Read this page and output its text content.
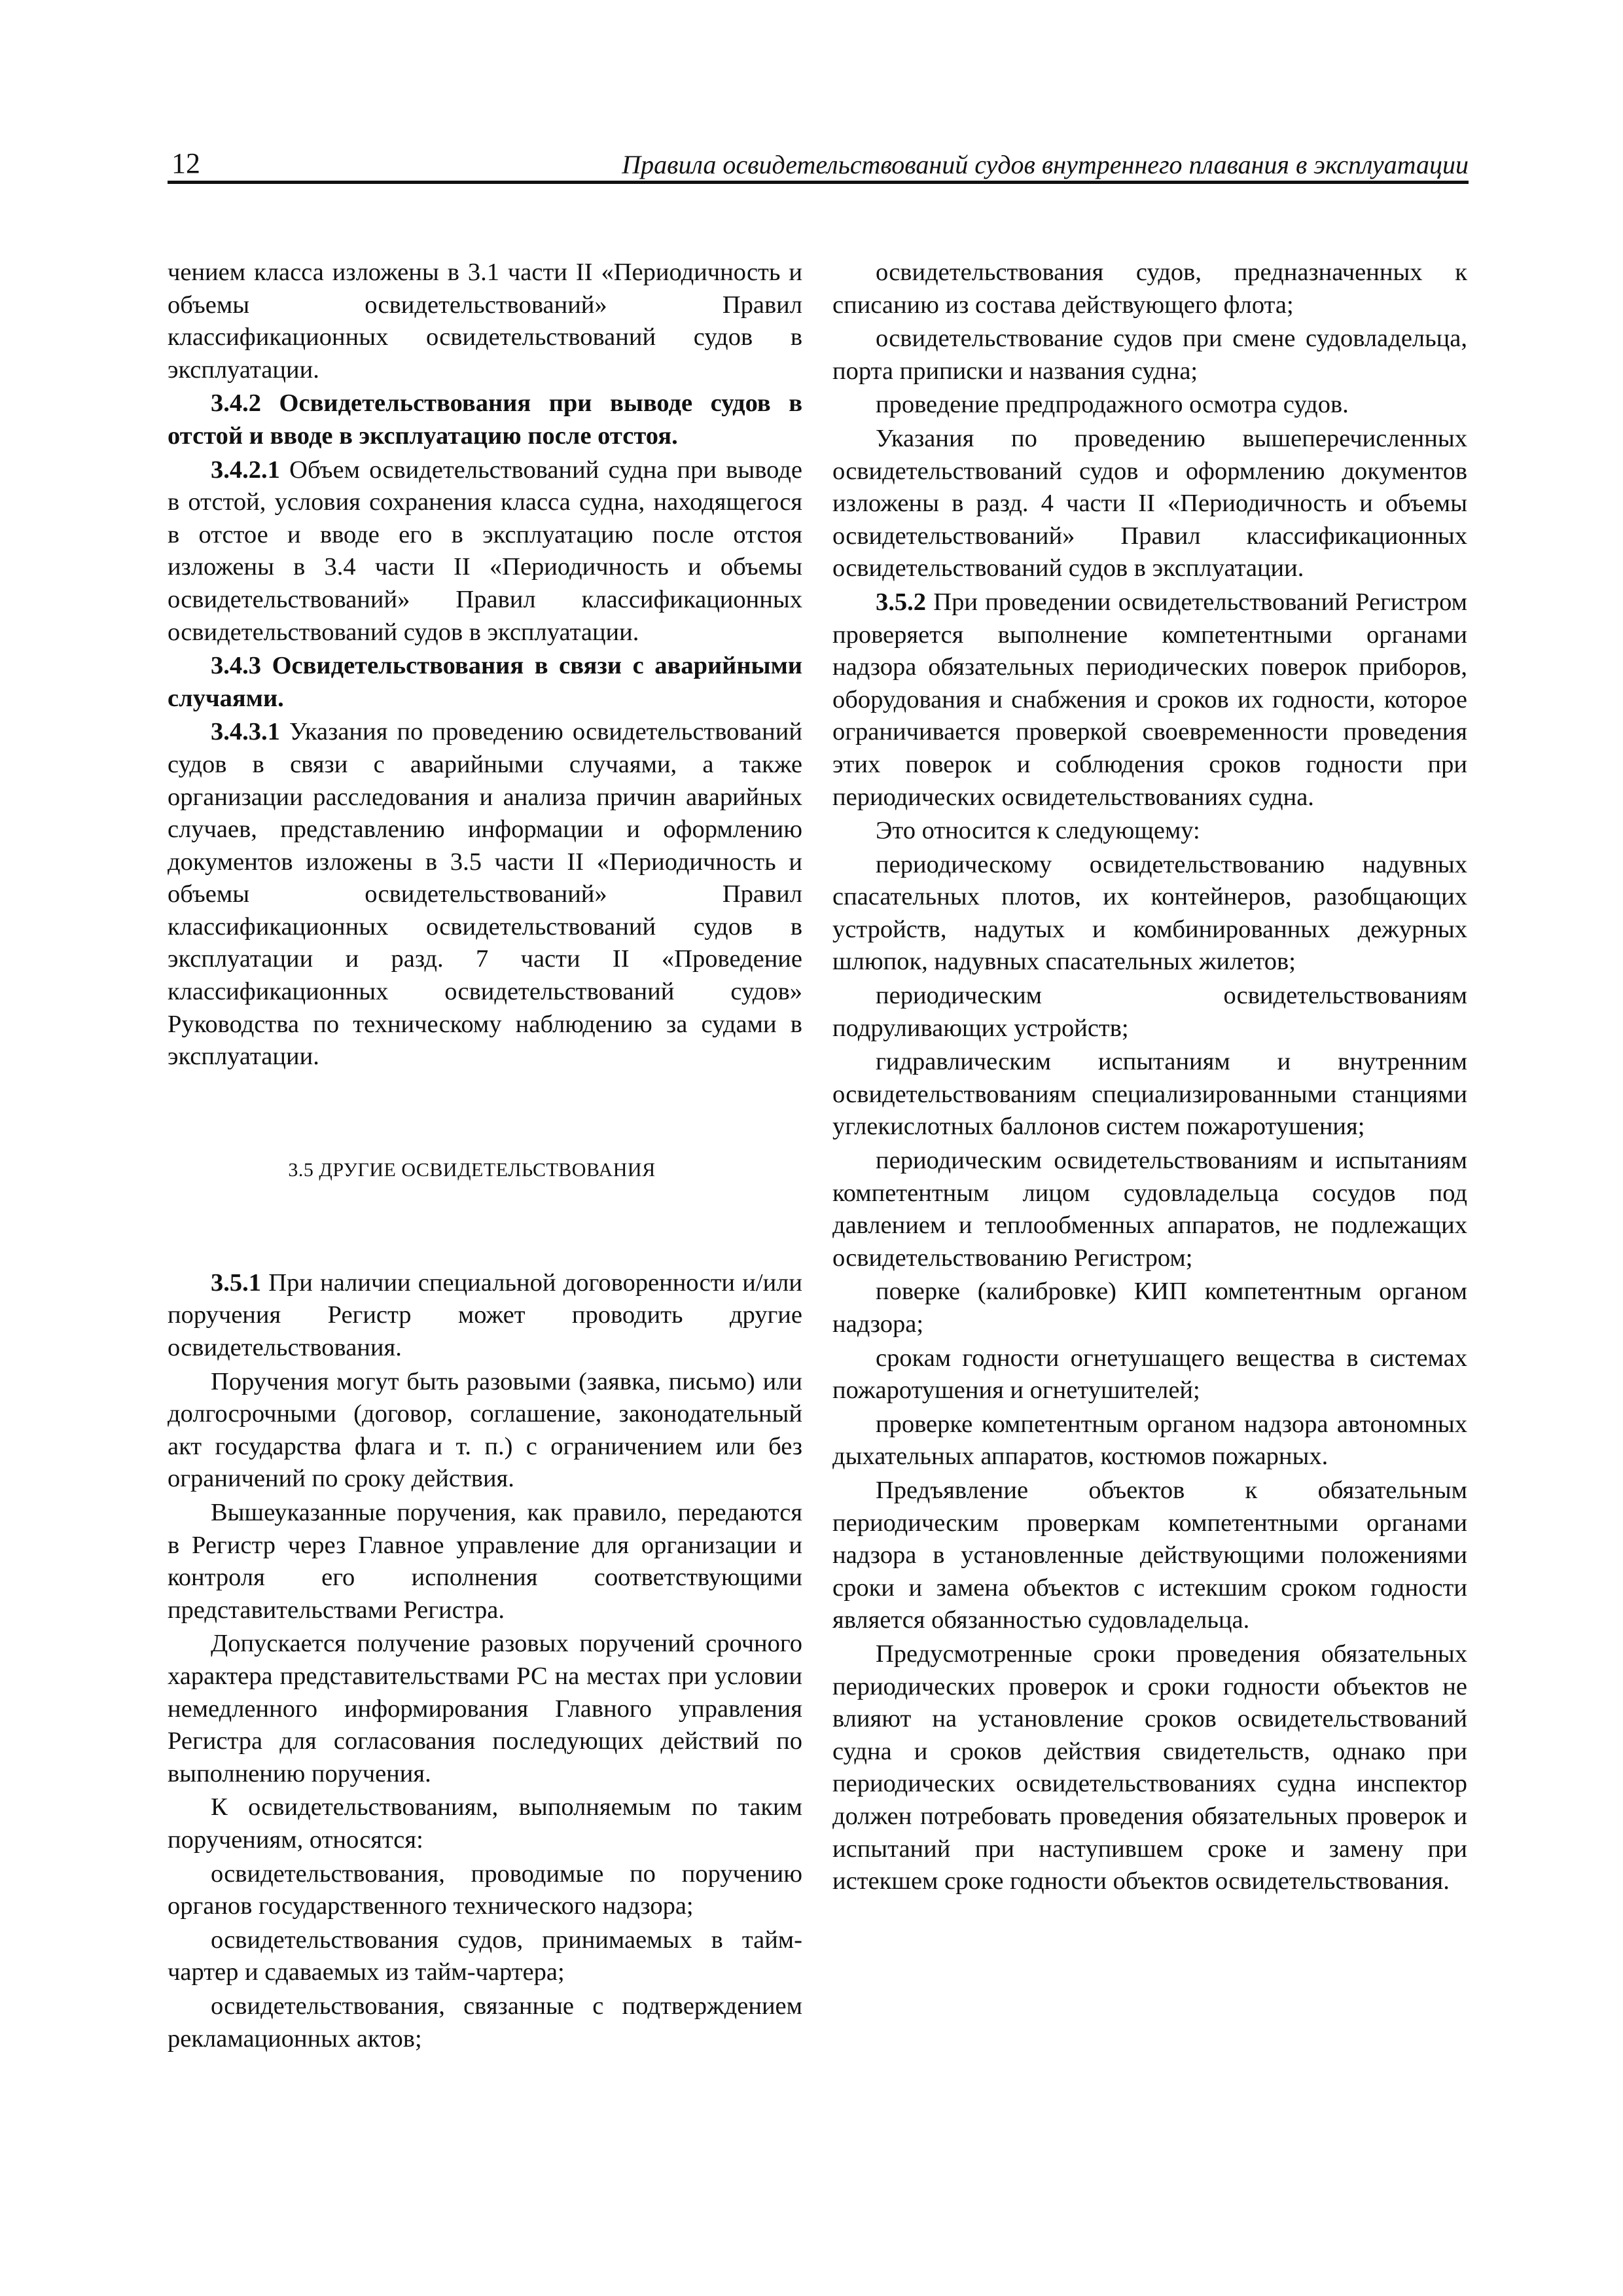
12	Правила освидетельствований судов внутреннего плавания в эксплуатации

чением класса изложены в 3.1 части II «Периодичность и объемы освидетельствований» Правил классификационных освидетельствований судов в эксплуатации.

3.4.2 Освидетельствования при выводе судов в отстой и вводе в эксплуатацию после отстоя.

3.4.2.1 Объем освидетельствований судна при выводе в отстой, условия сохранения класса судна, находящегося в отстое и вводе его в эксплуатацию после отстоя изложены в 3.4 части II «Периодичность и объемы освидетельствований» Правил классификационных освидетельствований судов в эксплуатации.

3.4.3 Освидетельствования в связи с аварийными случаями.

3.4.3.1 Указания по проведению освидетельствований судов в связи с аварийными случаями, а также организации расследования и анализа причин аварийных случаев, представлению информации и оформлению документов изложены в 3.5 части II «Периодичность и объемы освидетельствований» Правил классификационных освидетельствований судов в эксплуатации и разд. 7 части II «Проведение классификационных освидетельствований судов» Руководства по техническому наблюдению за судами в эксплуатации.

3.5 ДРУГИЕ ОСВИДЕТЕЛЬСТВОВАНИЯ

3.5.1 При наличии специальной договоренности и/или поручения Регистр может проводить другие освидетельствования.

Поручения могут быть разовыми (заявка, письмо) или долгосрочными (договор, соглашение, законодательный акт государства флага и т. п.) с ограничением или без ограничений по сроку действия.

Вышеуказанные поручения, как правило, передаются в Регистр через Главное управление для организации и контроля его исполнения соответствующими представительствами Регистра.

Допускается получение разовых поручений срочного характера представительствами РС на местах при условии немедленного информирования Главного управления Регистра для согласования последующих действий по выполнению поручения.

К освидетельствованиям, выполняемым по таким поручениям, относятся:

освидетельствования, проводимые по поручению органов государственного технического надзора;

освидетельствования судов, принимаемых в тайм-чартер и сдаваемых из тайм-чартера;

освидетельствования, связанные с подтверждением рекламационных актов;

освидетельствования судов, предназначенных к списанию из состава действующего флота;

освидетельствование судов при смене судовладельца, порта приписки и названия судна;

проведение предпродажного осмотра судов.

Указания по проведению вышеперечисленных освидетельствований судов и оформлению документов изложены в разд. 4 части II «Периодичность и объемы освидетельствований» Правил классификационных освидетельствований судов в эксплуатации.

3.5.2 При проведении освидетельствований Регистром проверяется выполнение компетентными органами надзора обязательных периодических поверок приборов, оборудования и снабжения и сроков их годности, которое ограничивается проверкой своевременности проведения этих поверок и соблюдения сроков годности при периодических освидетельствованиях судна.

Это относится к следующему:

периодическому освидетельствованию надувных спасательных плотов, их контейнеров, разобщающих устройств, надутых и комбинированных дежурных шлюпок, надувных спасательных жилетов;

периодическим освидетельствованиям подруливающих устройств;

гидравлическим испытаниям и внутренним освидетельствованиям специализированными станциями углекислотных баллонов систем пожаротушения;

периодическим освидетельствованиям и испытаниям компетентным лицом судовладельца сосудов под давлением и теплообменных аппаратов, не подлежащих освидетельствованию Регистром;

поверке (калибровке) КИП компетентным органом надзора;

срокам годности огнетушащего вещества в системах пожаротушения и огнетушителей;

проверке компетентным органом надзора автономных дыхательных аппаратов, костюмов пожарных.

Предъявление объектов к обязательным периодическим проверкам компетентными органами надзора в установленные действующими положениями сроки и замена объектов с истекшим сроком годности является обязанностью судовладельца.

Предусмотренные сроки проведения обязательных периодических проверок и сроки годности объектов не влияют на установление сроков освидетельствований судна и сроков действия свидетельств, однако при периодических освидетельствованиях судна инспектор должен потребовать проведения обязательных проверок и испытаний при наступившем сроке и замену при истекшем сроке годности объектов освидетельствования.
